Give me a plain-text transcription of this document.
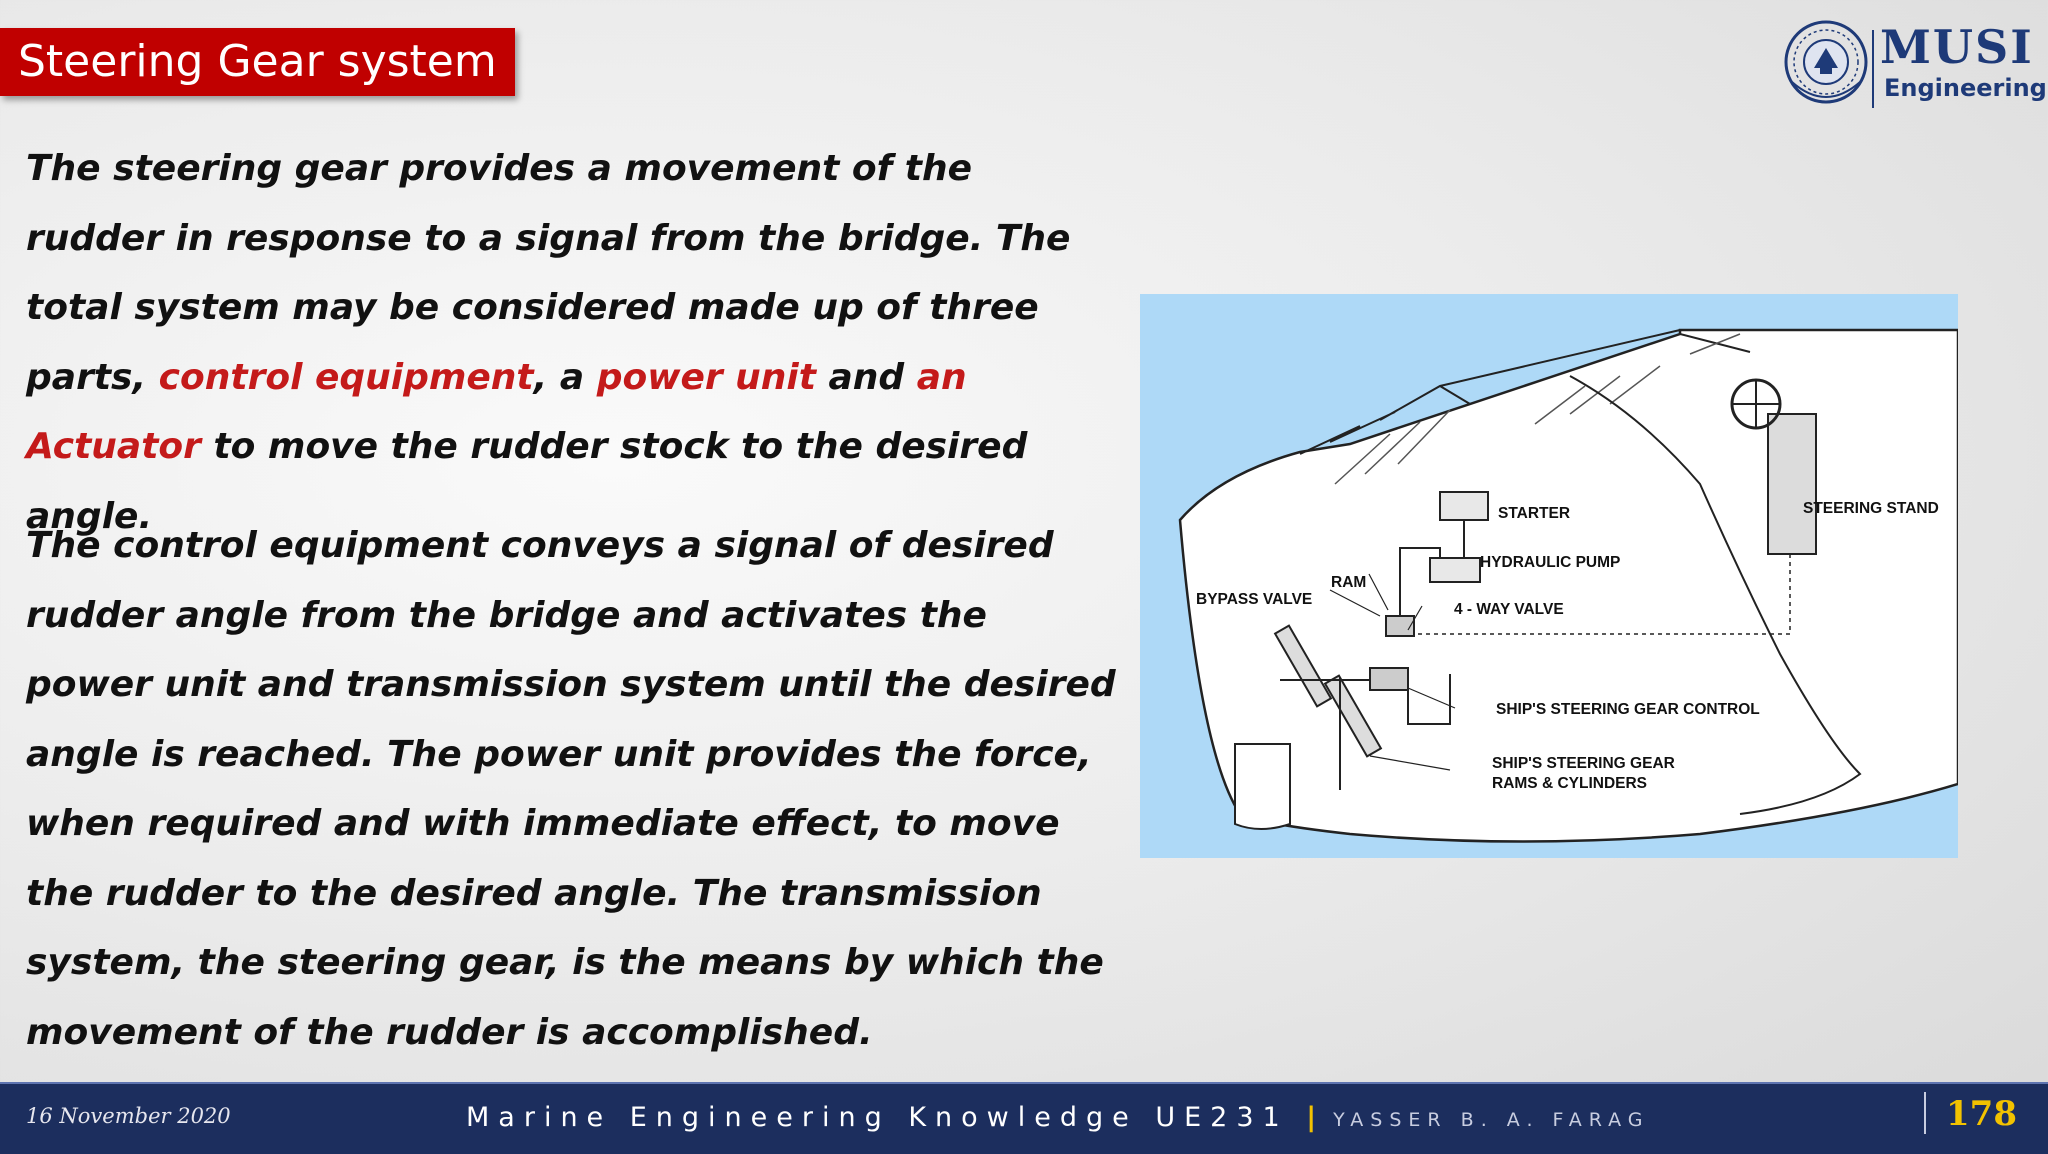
Steering Gear system	MUSI
Engineering
The steering gear provides a movement of the rudder in response to a signal from the bridge. The total system may be considered made up of three parts, control equipment, a power unit and an Actuator to move the rudder stock to the desired angle.
The control equipment conveys a signal of desired rudder angle from the bridge and activates the power unit and transmission system until the desired angle is reached. The power unit provides the force, when required and with immediate effect, to move the rudder to the desired angle. The transmission system, the steering gear, is the means by which the movement of the rudder is accomplished.
STARTER
HYDRAULIC PUMP
RAM
BYPASS VALVE
4 - WAY VALVE
STEERING STAND
SHIP'S STEERING GEAR CONTROL
SHIP'S STEERING GEAR
RAMS & CYLINDERS
16 November 2020	Marine Engineering Knowledge UE231 | YASSER B. A. FARAG	178
